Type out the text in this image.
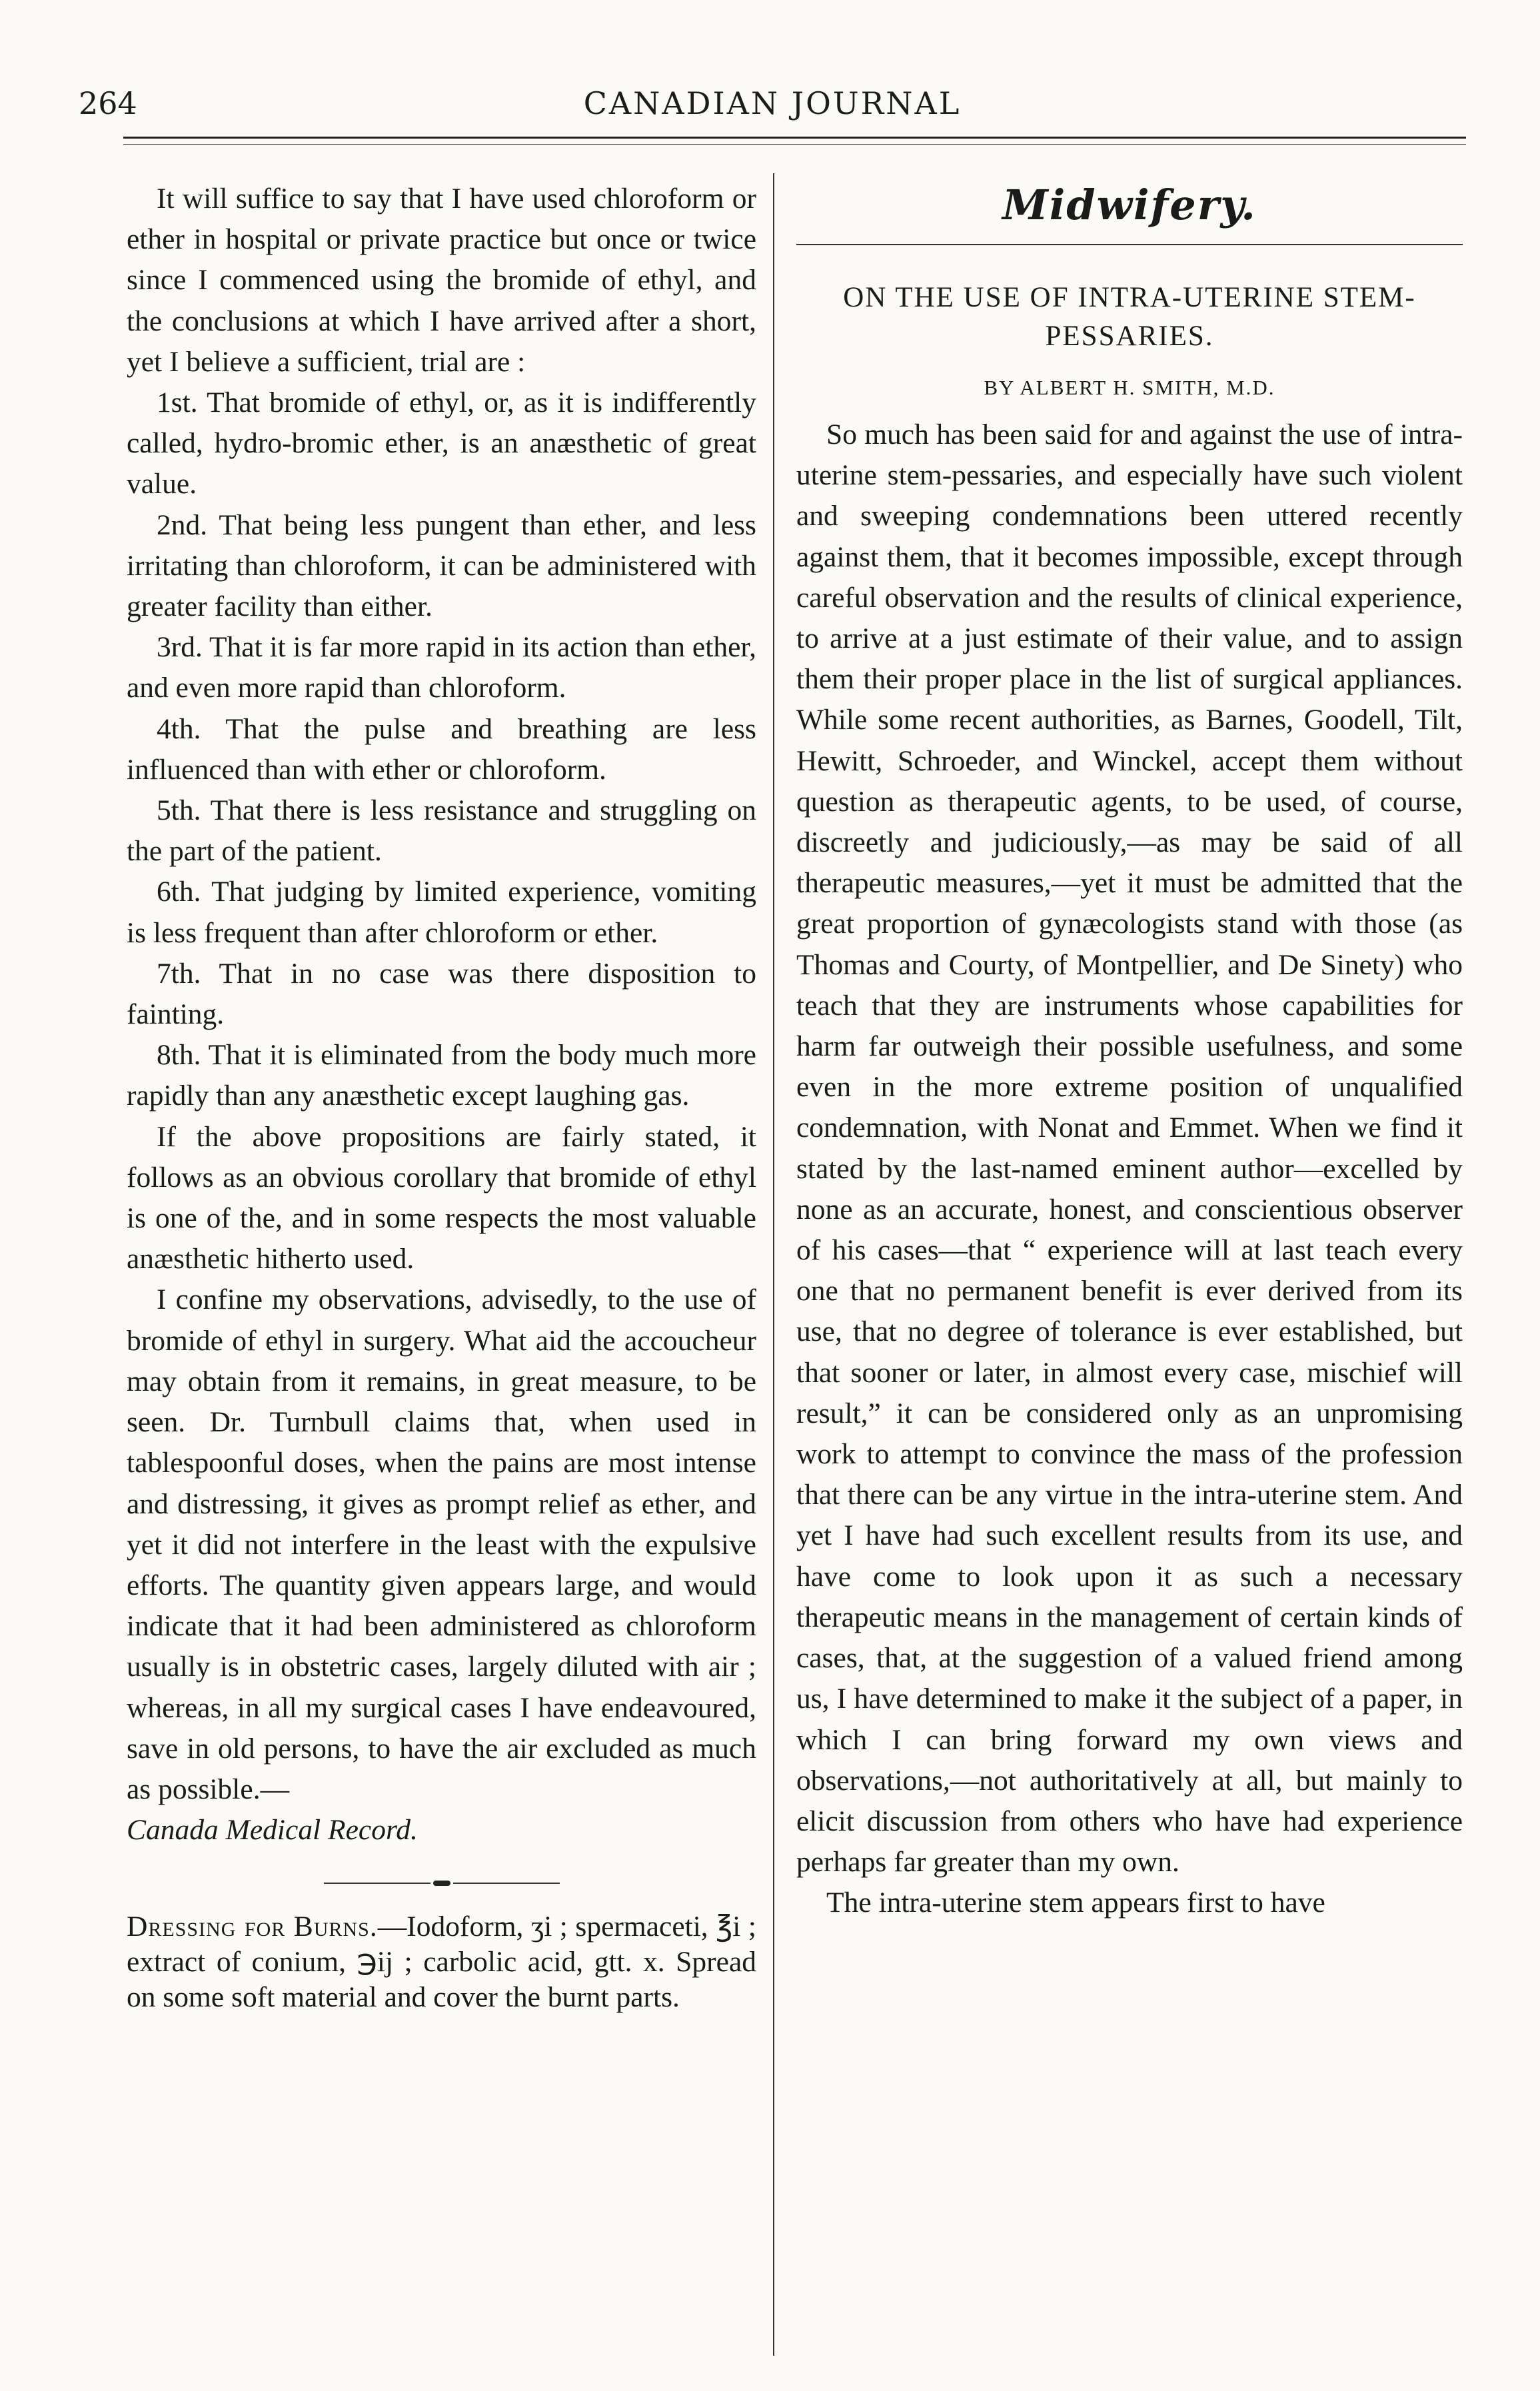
264	CANADIAN JOURNAL

It will suffice to say that I have used chloroform or ether in hospital or private practice but once or twice since I commenced using the bromide of ethyl, and the conclusions at which I have arrived after a short, yet I believe a sufficient, trial are :

1st. That bromide of ethyl, or, as it is indifferently called, hydro-bromic ether, is an anæsthetic of great value.

2nd. That being less pungent than ether, and less irritating than chloroform, it can be administered with greater facility than either.

3rd. That it is far more rapid in its action than ether, and even more rapid than chloroform.

4th. That the pulse and breathing are less influenced than with ether or chloroform.

5th. That there is less resistance and struggling on the part of the patient.

6th. That judging by limited experience, vomiting is less frequent than after chloroform or ether.

7th. That in no case was there disposition to fainting.

8th. That it is eliminated from the body much more rapidly than any anæsthetic except laughing gas.

If the above propositions are fairly stated, it follows as an obvious corollary that bromide of ethyl is one of the, and in some respects the most valuable anæsthetic hitherto used.

I confine my observations, advisedly, to the use of bromide of ethyl in surgery. What aid the accoucheur may obtain from it remains, in great measure, to be seen. Dr. Turnbull claims that, when used in tablespoonful doses, when the pains are most intense and distressing, it gives as prompt relief as ether, and yet it did not interfere in the least with the expulsive efforts. The quantity given appears large, and would indicate that it had been administered as chloroform usually is in obstetric cases, largely diluted with air ; whereas, in all my surgical cases I have endeavoured, save in old persons, to have the air excluded as much as possible.—

Canada Medical Record.

Dressing for Burns.—Iodoform, ʒi ; spermaceti, ℥i ; extract of conium, ℈ij ; carbolic acid, gtt. x. Spread on some soft material and cover the burnt parts.
Midwifery.
ON THE USE OF INTRA-UTERINE STEM-PESSARIES.
BY ALBERT H. SMITH, M.D.

So much has been said for and against the use of intra-uterine stem-pessaries, and especially have such violent and sweeping condemnations been uttered recently against them, that it becomes impossible, except through careful observation and the results of clinical experience, to arrive at a just estimate of their value, and to assign them their proper place in the list of surgical appliances. While some recent authorities, as Barnes, Goodell, Tilt, Hewitt, Schroeder, and Winckel, accept them without question as therapeutic agents, to be used, of course, discreetly and judiciously,—as may be said of all therapeutic measures,—yet it must be admitted that the great proportion of gynæcologists stand with those (as Thomas and Courty, of Montpellier, and De Sinety) who teach that they are instruments whose capabilities for harm far outweigh their possible usefulness, and some even in the more extreme position of unqualified condemnation, with Nonat and Emmet. When we find it stated by the last-named eminent author—excelled by none as an accurate, honest, and conscientious observer of his cases—that “ experience will at last teach every one that no permanent benefit is ever derived from its use, that no degree of tolerance is ever established, but that sooner or later, in almost every case, mischief will result,” it can be considered only as an unpromising work to attempt to convince the mass of the profession that there can be any virtue in the intra-uterine stem. And yet I have had such excellent results from its use, and have come to look upon it as such a necessary therapeutic means in the management of certain kinds of cases, that, at the suggestion of a valued friend among us, I have determined to make it the subject of a paper, in which I can bring forward my own views and observations,—not authoritatively at all, but mainly to elicit discussion from others who have had experience perhaps far greater than my own.

The intra-uterine stem appears first to have
